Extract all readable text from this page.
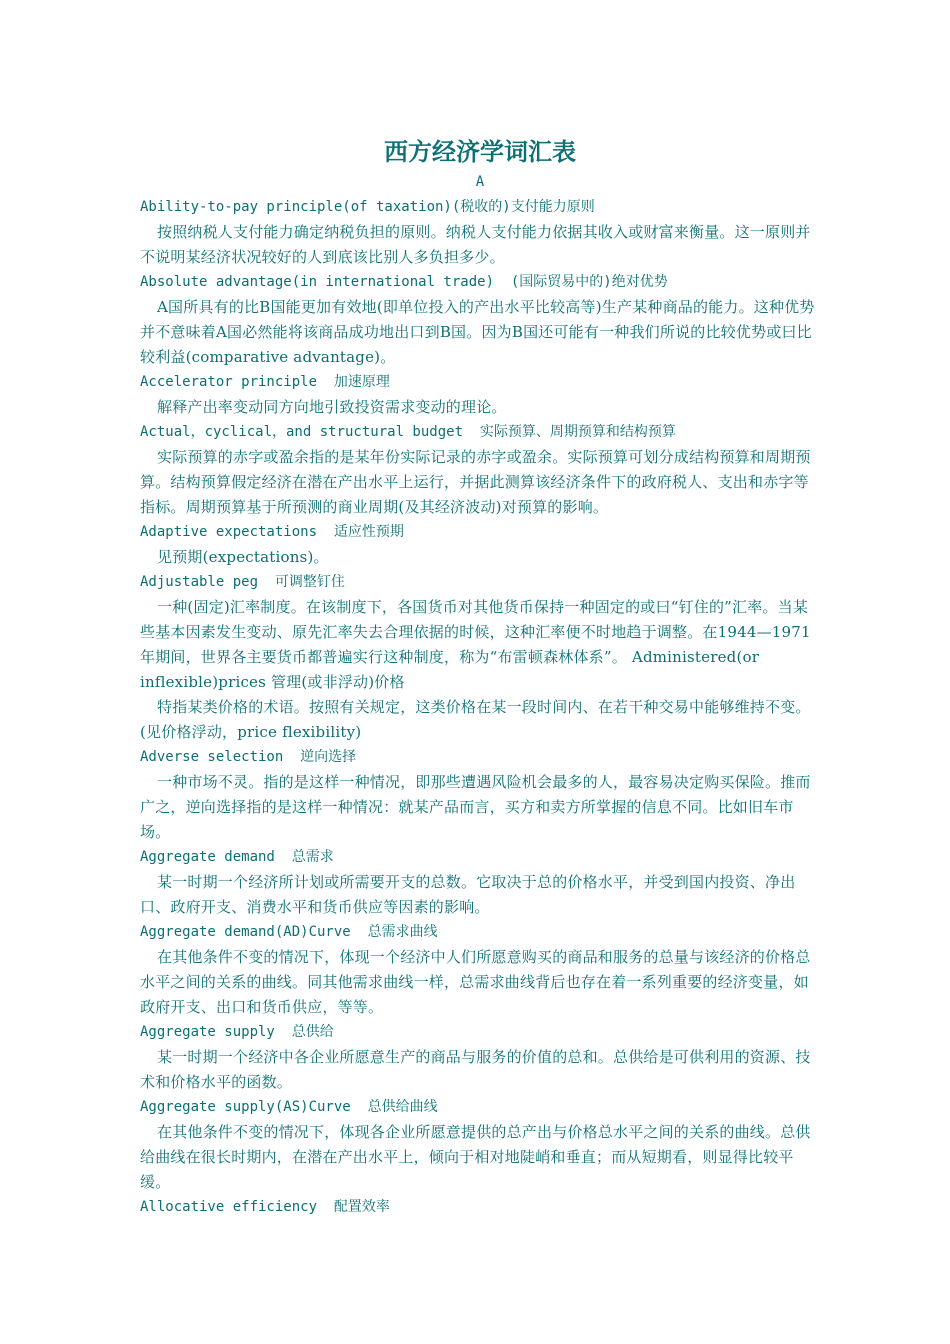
西方经济学词汇表
A
Ability-to-pay principle(of taxation)(税收的)支付能力原则

按照纳税人支付能力确定纳税负担的原则。纳税人支付能力依据其收入或财富来衡量。这一原则并不说明某经济状况较好的人到底该比别人多负担多少。

Absolute advantage(in international trade)  (国际贸易中的)绝对优势

A国所具有的比B国能更加有效地(即单位投入的产出水平比较高等)生产某种商品的能力。这种优势并不意味着A国必然能将该商品成功地出口到B国。因为B国还可能有一种我们所说的比较优势或曰比较利益(comparative advantage)。

Accelerator principle  加速原理

解释产出率变动同方向地引致投资需求变动的理论。

Actual，cyclical，and structural budget  实际预算、周期预算和结构预算

实际预算的赤字或盈余指的是某年份实际记录的赤字或盈余。实际预算可划分成结构预算和周期预算。结构预算假定经济在潜在产出水平上运行，并据此测算该经济条件下的政府税人、支出和赤字等指标。周期预算基于所预测的商业周期(及其经济波动)对预算的影响。

Adaptive expectations  适应性预期

见预期(expectations)。

Adjustable peg  可调整钉住

一种(固定)汇率制度。在该制度下，各国货币对其他货币保持一种固定的或曰“钉住的”汇率。当某些基本因素发生变动、原先汇率失去合理依据的时候，这种汇率便不时地趋于调整。在1944—1971年期间，世界各主要货币都普遍实行这种制度，称为“布雷顿森林体系”。 Administered(or inflexible)prices 管理(或非浮动)价格

特指某类价格的术语。按照有关规定，这类价格在某一段时间内、在若干种交易中能够维持不变。(见价格浮动，price flexibility)

Adverse selection  逆向选择

一种市场不灵。指的是这样一种情况，即那些遭遇风险机会最多的人，最容易决定购买保险。推而广之，逆向选择指的是这样一种情况：就某产品而言，买方和卖方所掌握的信息不同。比如旧车市场。

Aggregate demand  总需求

某一时期一个经济所计划或所需要开支的总数。它取决于总的价格水平，并受到国内投资、净出口、政府开支、消费水平和货币供应等因素的影响。

Aggregate demand(AD)Curve  总需求曲线

在其他条件不变的情况下，体现一个经济中人们所愿意购买的商品和服务的总量与该经济的价格总水平之间的关系的曲线。同其他需求曲线一样，总需求曲线背后也存在着一系列重要的经济变量，如政府开支、出口和货币供应，等等。

Aggregate supply  总供给

某一时期一个经济中各企业所愿意生产的商品与服务的价值的总和。总供给是可供利用的资源、技术和价格水平的函数。

Aggregate supply(AS)Curve  总供给曲线

在其他条件不变的情况下，体现各企业所愿意提供的总产出与价格总水平之间的关系的曲线。总供给曲线在很长时期内，在潜在产出水平上，倾向于相对地陡峭和垂直；而从短期看，则显得比较平缓。

Allocative efficiency  配置效率
